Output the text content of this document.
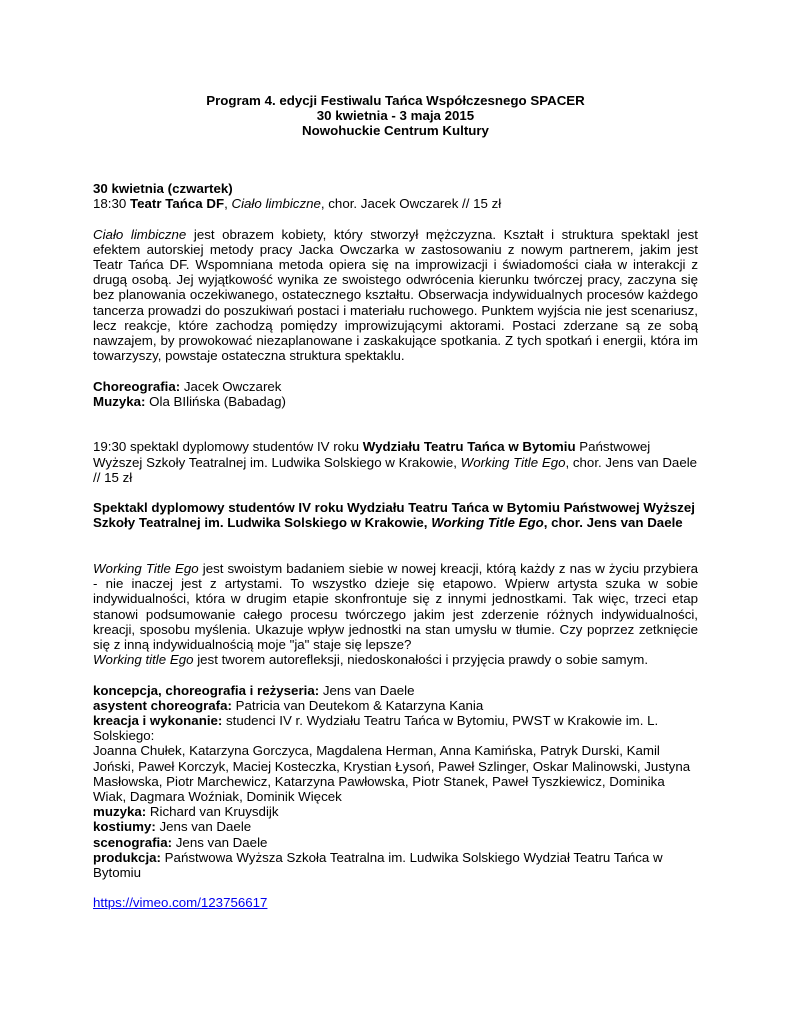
Program 4. edycji Festiwalu Tańca Współczesnego SPACER
30 kwietnia - 3 maja 2015
Nowohuckie Centrum Kultury
30 kwietnia (czwartek)
18:30 Teatr Tańca DF, Ciało limbiczne, chor. Jacek Owczarek // 15 zł
Ciało limbiczne jest obrazem kobiety, który stworzył mężczyzna. Kształt i struktura spektakl jest efektem autorskiej metody pracy Jacka Owczarka w zastosowaniu z nowym partnerem, jakim jest Teatr Tańca DF. Wspomniana metoda opiera się na improwizacji i świadomości ciała w interakcji z drugą osobą. Jej wyjątkowość wynika ze swoistego odwrócenia kierunku twórczej pracy, zaczyna się bez planowania oczekiwanego, ostatecznego kształtu. Obserwacja indywidualnych procesów każdego tancerza prowadzi do poszukiwań postaci i materiału ruchowego. Punktem wyjścia nie jest scenariusz, lecz reakcje, które zachodzą pomiędzy improwizującymi aktorami. Postaci zderzane są ze sobą nawzajem, by prowokować niezaplanowane i zaskakujące spotkania. Z tych spotkań i energii, która im towarzyszy, powstaje ostateczna struktura spektaklu.
Choreografia: Jacek Owczarek
Muzyka: Ola BIlińska (Babadag)
19:30 spektakl dyplomowy studentów IV roku Wydziału Teatru Tańca w Bytomiu Państwowej Wyższej Szkoły Teatralnej im. Ludwika Solskiego w Krakowie, Working Title Ego, chor. Jens van Daele // 15 zł
Spektakl dyplomowy studentów IV roku Wydziału Teatru Tańca w Bytomiu Państwowej Wyższej Szkoły Teatralnej im. Ludwika Solskiego w Krakowie, Working Title Ego, chor. Jens van Daele
Working Title Ego jest swoistym badaniem siebie w nowej kreacji, którą każdy z nas w życiu przybiera - nie inaczej jest z artystami. To wszystko dzieje się etapowo. Wpierw artysta szuka w sobie indywidualności, która w drugim etapie skonfrontuje się z innymi jednostkami. Tak więc, trzeci etap stanowi podsumowanie całego procesu twórczego jakim jest zderzenie różnych indywidualności, kreacji, sposobu myślenia. Ukazuje wpływ jednostki na stan umysłu w tłumie. Czy poprzez zetknięcie się z inną indywidualnością moje "ja" staje się lepsze?
Working title Ego jest tworem autorefleksji, niedoskonałości i przyjęcia prawdy o sobie samym.
koncepcja, choreografia i reżyseria: Jens van Daele
asystent choreografa: Patricia van Deutekom & Katarzyna Kania
kreacja i wykonanie: studenci IV r. Wydziału Teatru Tańca w Bytomiu, PWST w Krakowie im. L. Solskiego:
Joanna Chułek, Katarzyna Gorczyca, Magdalena Herman, Anna Kamińska, Patryk Durski, Kamil Joński, Paweł Korczyk, Maciej Kosteczka, Krystian Łysoń, Paweł Szlinger, Oskar Malinowski, Justyna Masłowska, Piotr Marchewicz, Katarzyna Pawłowska, Piotr Stanek, Paweł Tyszkiewicz, Dominika Wiak, Dagmara Woźniak, Dominik Więcek
muzyka: Richard van Kruysdijk
kostiumy: Jens van Daele
scenografia: Jens van Daele
produkcja: Państwowa Wyższa Szkoła Teatralna im. Ludwika Solskiego Wydział Teatru Tańca w Bytomiu
https://vimeo.com/123756617
